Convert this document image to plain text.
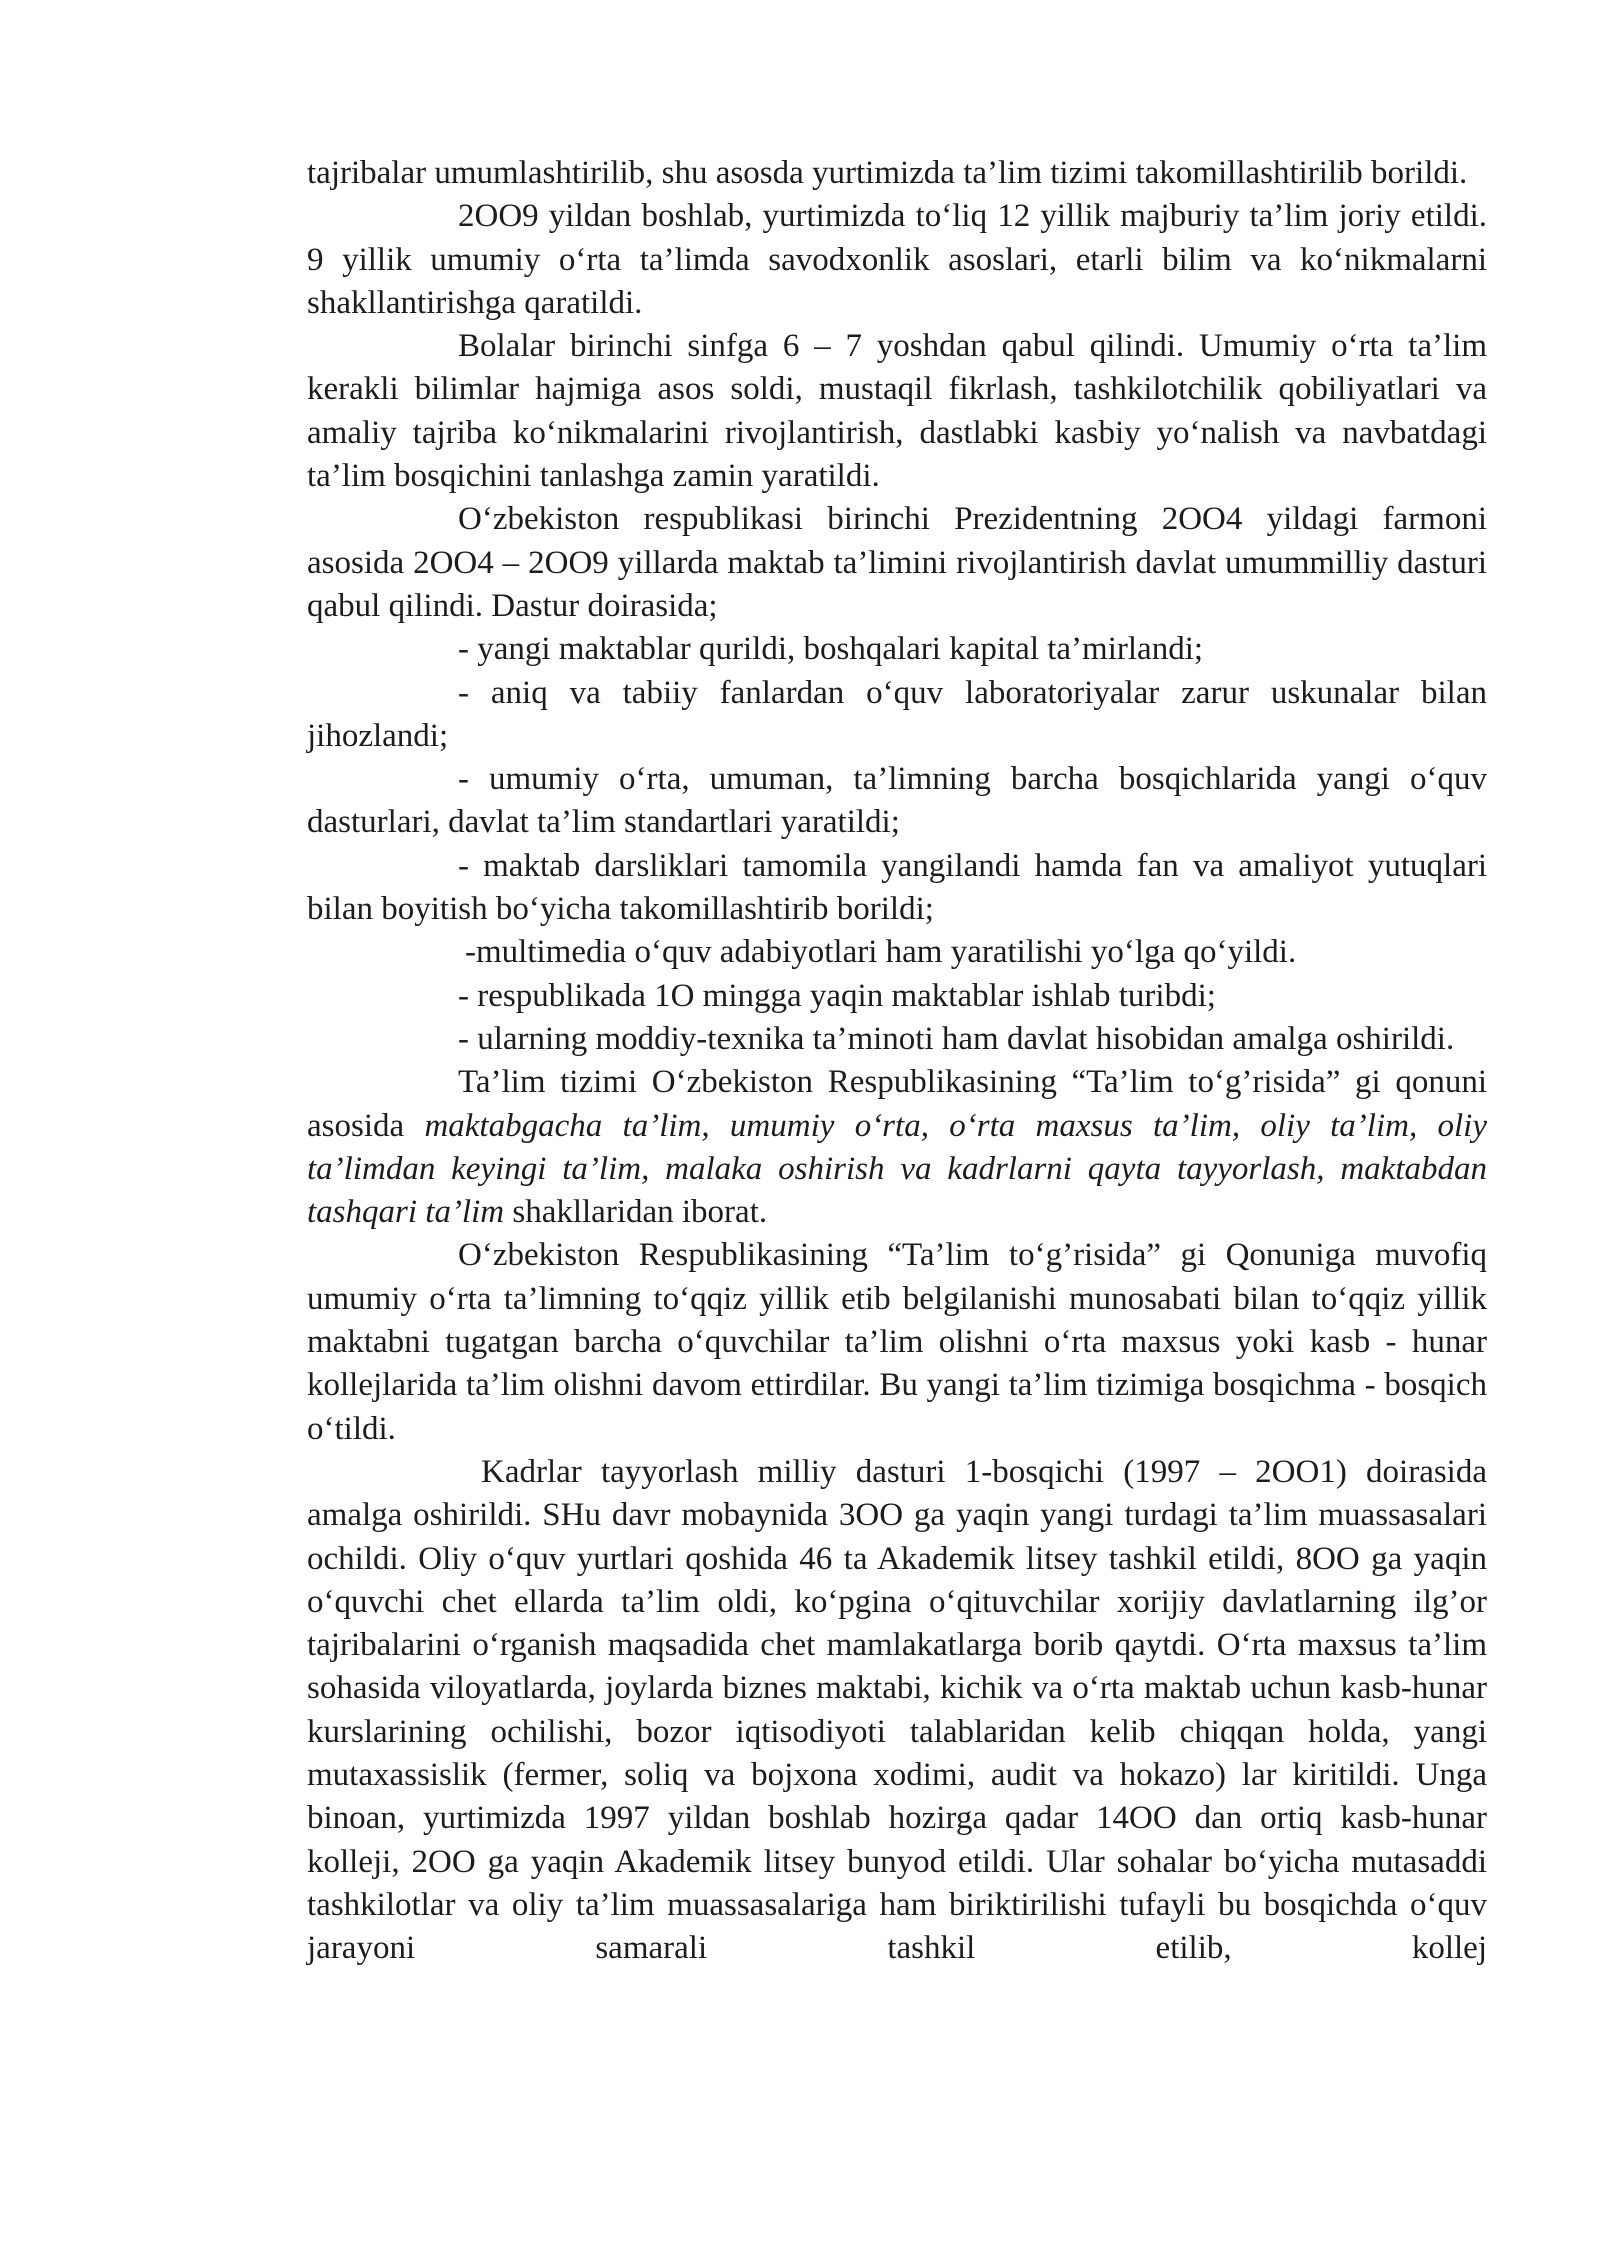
tajribalar umumlashtirilib, shu asosda yurtimizda ta’lim tizimi takomillashtirilib borildi.

2OO9 yildan boshlab, yurtimizda to‘liq 12 yillik majburiy ta’lim joriy etildi. 9 yillik umumiy o‘rta ta’limda savodxonlik asoslari, etarli bilim va ko‘nikmalarni shakllantirishga qaratildi.

Bolalar birinchi sinfga 6 – 7 yoshdan qabul qilindi. Umumiy o‘rta ta’lim kerakli bilimlar hajmiga asos soldi, mustaqil fikrlash, tashkilotchilik qobiliyatlari va amaliy tajriba ko‘nikmalarini rivojlantirish, dastlabki kasbiy yo‘nalish va navbatdagi ta’lim bosqichini tanlashga zamin yaratildi.

O‘zbekiston respublikasi birinchi Prezidentning 2OO4 yildagi farmoni asosida 2OO4 – 2OO9 yillarda maktab ta’limini rivojlantirish davlat umummilliy dasturi qabul qilindi. Dastur doirasida;

- yangi maktablar qurildi, boshqalari kapital ta’mirlandi;

- aniq va tabiiy fanlardan o‘quv laboratoriyalar zarur uskunalar bilan jihozlandi;

- umumiy o‘rta, umuman, ta’limning barcha bosqichlarida yangi o‘quv dasturlari, davlat ta’lim standartlari yaratildi;

- maktab darsliklari tamomila yangilandi hamda fan va amaliyot yutuqlari bilan boyitish bo‘yicha takomillashtirib borildi;

-multimedia o‘quv adabiyotlari ham yaratilishi yo‘lga qo‘yildi.

- respublikada 1O mingga yaqin maktablar ishlab turibdi;

- ularning moddiy-texnika ta’minoti ham davlat hisobidan amalga oshirildi.

Ta’lim tizimi O‘zbekiston Respublikasining “Ta’lim to‘g’risida” gi qonuni asosida maktabgacha ta’lim, umumiy o‘rta, o‘rta maxsus ta’lim, oliy ta’lim, oliy ta’limdan keyingi ta’lim, malaka oshirish va kadrlarni qayta tayyorlash, maktabdan tashqari ta’lim shakllaridan iborat.

O‘zbekiston Respublikasining “Ta’lim to‘g’risida” gi Qonuniga muvofiq umumiy o‘rta ta’limning to‘qqiz yillik etib belgilanishi munosabati bilan to‘qqiz yillik maktabni tugatgan barcha o‘quvchilar ta’lim olishni o‘rta maxsus yoki kasb - hunar kollejlarida ta’lim olishni davom ettirdilar. Bu yangi ta’lim tizimiga bosqichma - bosqich o‘tildi.

Kadrlar tayyorlash milliy dasturi 1-bosqichi (1997 – 2OO1) doirasida amalga oshirildi. SHu davr mobaynida 3OO ga yaqin yangi turdagi ta’lim muassasalari ochildi. Oliy o‘quv yurtlari qoshida 46 ta Akademik litsey tashkil etildi, 8OO ga yaqin o‘quvchi chet ellarda ta’lim oldi, ko‘pgina o‘qituvchilar xorijiy davlatlarning ilg’or tajribalarini o‘rganish maqsadida chet mamlakatlarga borib qaytdi. O‘rta maxsus ta’lim sohasida viloyatlarda, joylarda biznes maktabi, kichik va o‘rta maktab uchun kasb-hunar kurslarining ochilishi, bozor iqtisodiyoti talablaridan kelib chiqqan holda, yangi mutaxassislik (fermer, soliq va bojxona xodimi, audit va hokazo) lar kiritildi. Unga binoan, yurtimizda 1997 yildan boshlab hozirga qadar 14OO dan ortiq kasb-hunar kolleji, 2OO ga yaqin Akademik litsey bunyod etildi. Ular sohalar bo‘yicha mutasaddi tashkilotlar va oliy ta’lim muassasalariga ham biriktirilishi tufayli bu bosqichda o‘quv jarayoni samarali tashkil etilib, kollej
